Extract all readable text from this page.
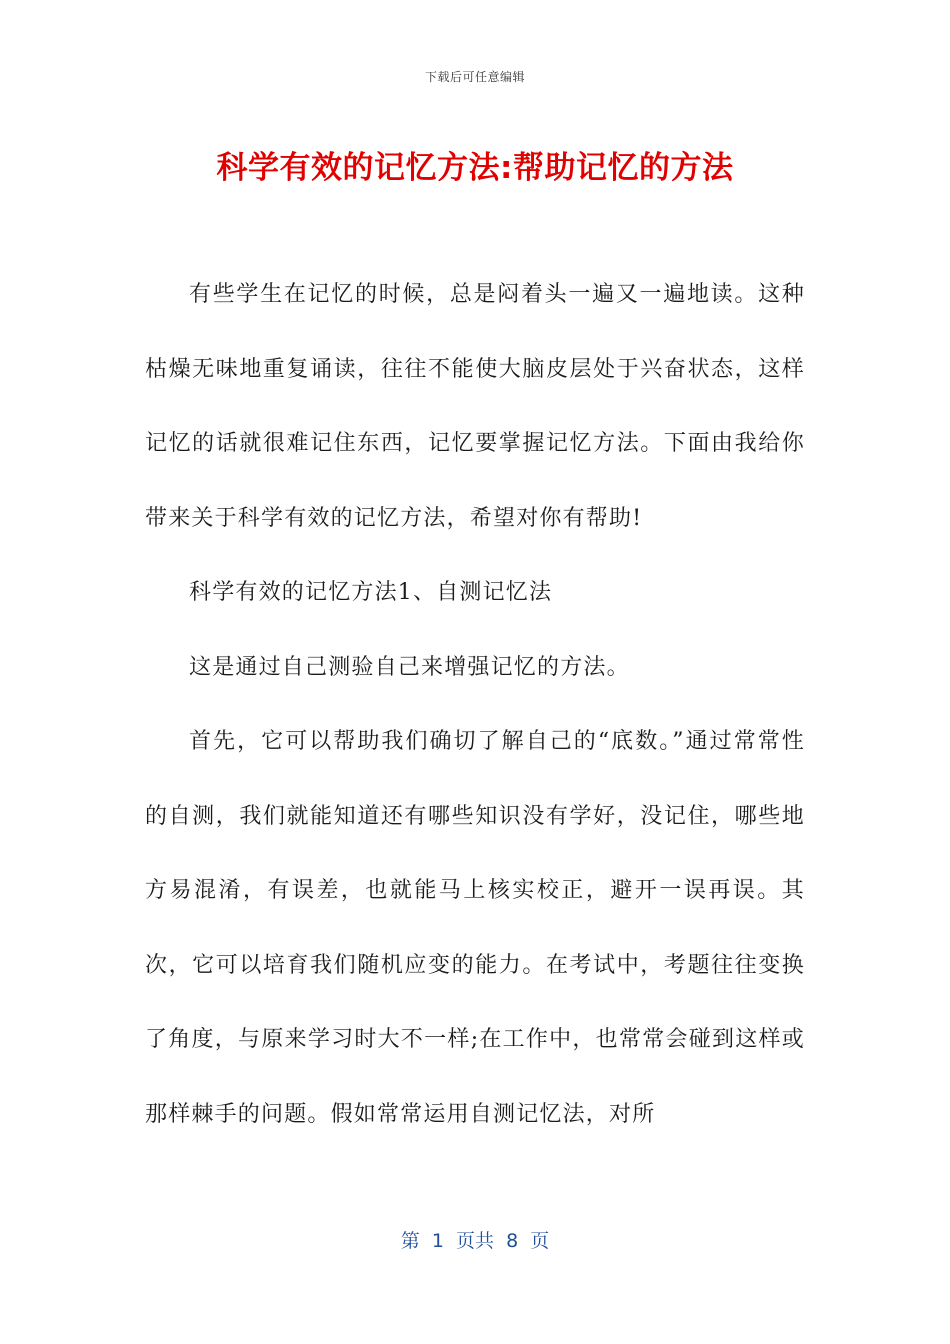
下载后可任意编辑
科学有效的记忆方法:帮助记忆的方法

有些学生在记忆的时候，总是闷着头一遍又一遍地读。这种枯燥无味地重复诵读，往往不能使大脑皮层处于兴奋状态，这样记忆的话就很难记住东西，记忆要掌握记忆方法。下面由我给你带来关于科学有效的记忆方法，希望对你有帮助!

科学有效的记忆方法1、自测记忆法

这是通过自己测验自己来增强记忆的方法。

首先，它可以帮助我们确切了解自己的“底数。”通过常常性的自测，我们就能知道还有哪些知识没有学好，没记住，哪些地方易混淆，有误差，也就能马上核实校正，避开一误再误。其次，它可以培育我们随机应变的能力。在考试中，考题往往变换了角度，与原来学习时大不一样;在工作中，也常常会碰到这样或那样棘手的问题。假如常常运用自测记忆法，对所

第  1  页共  8  页
